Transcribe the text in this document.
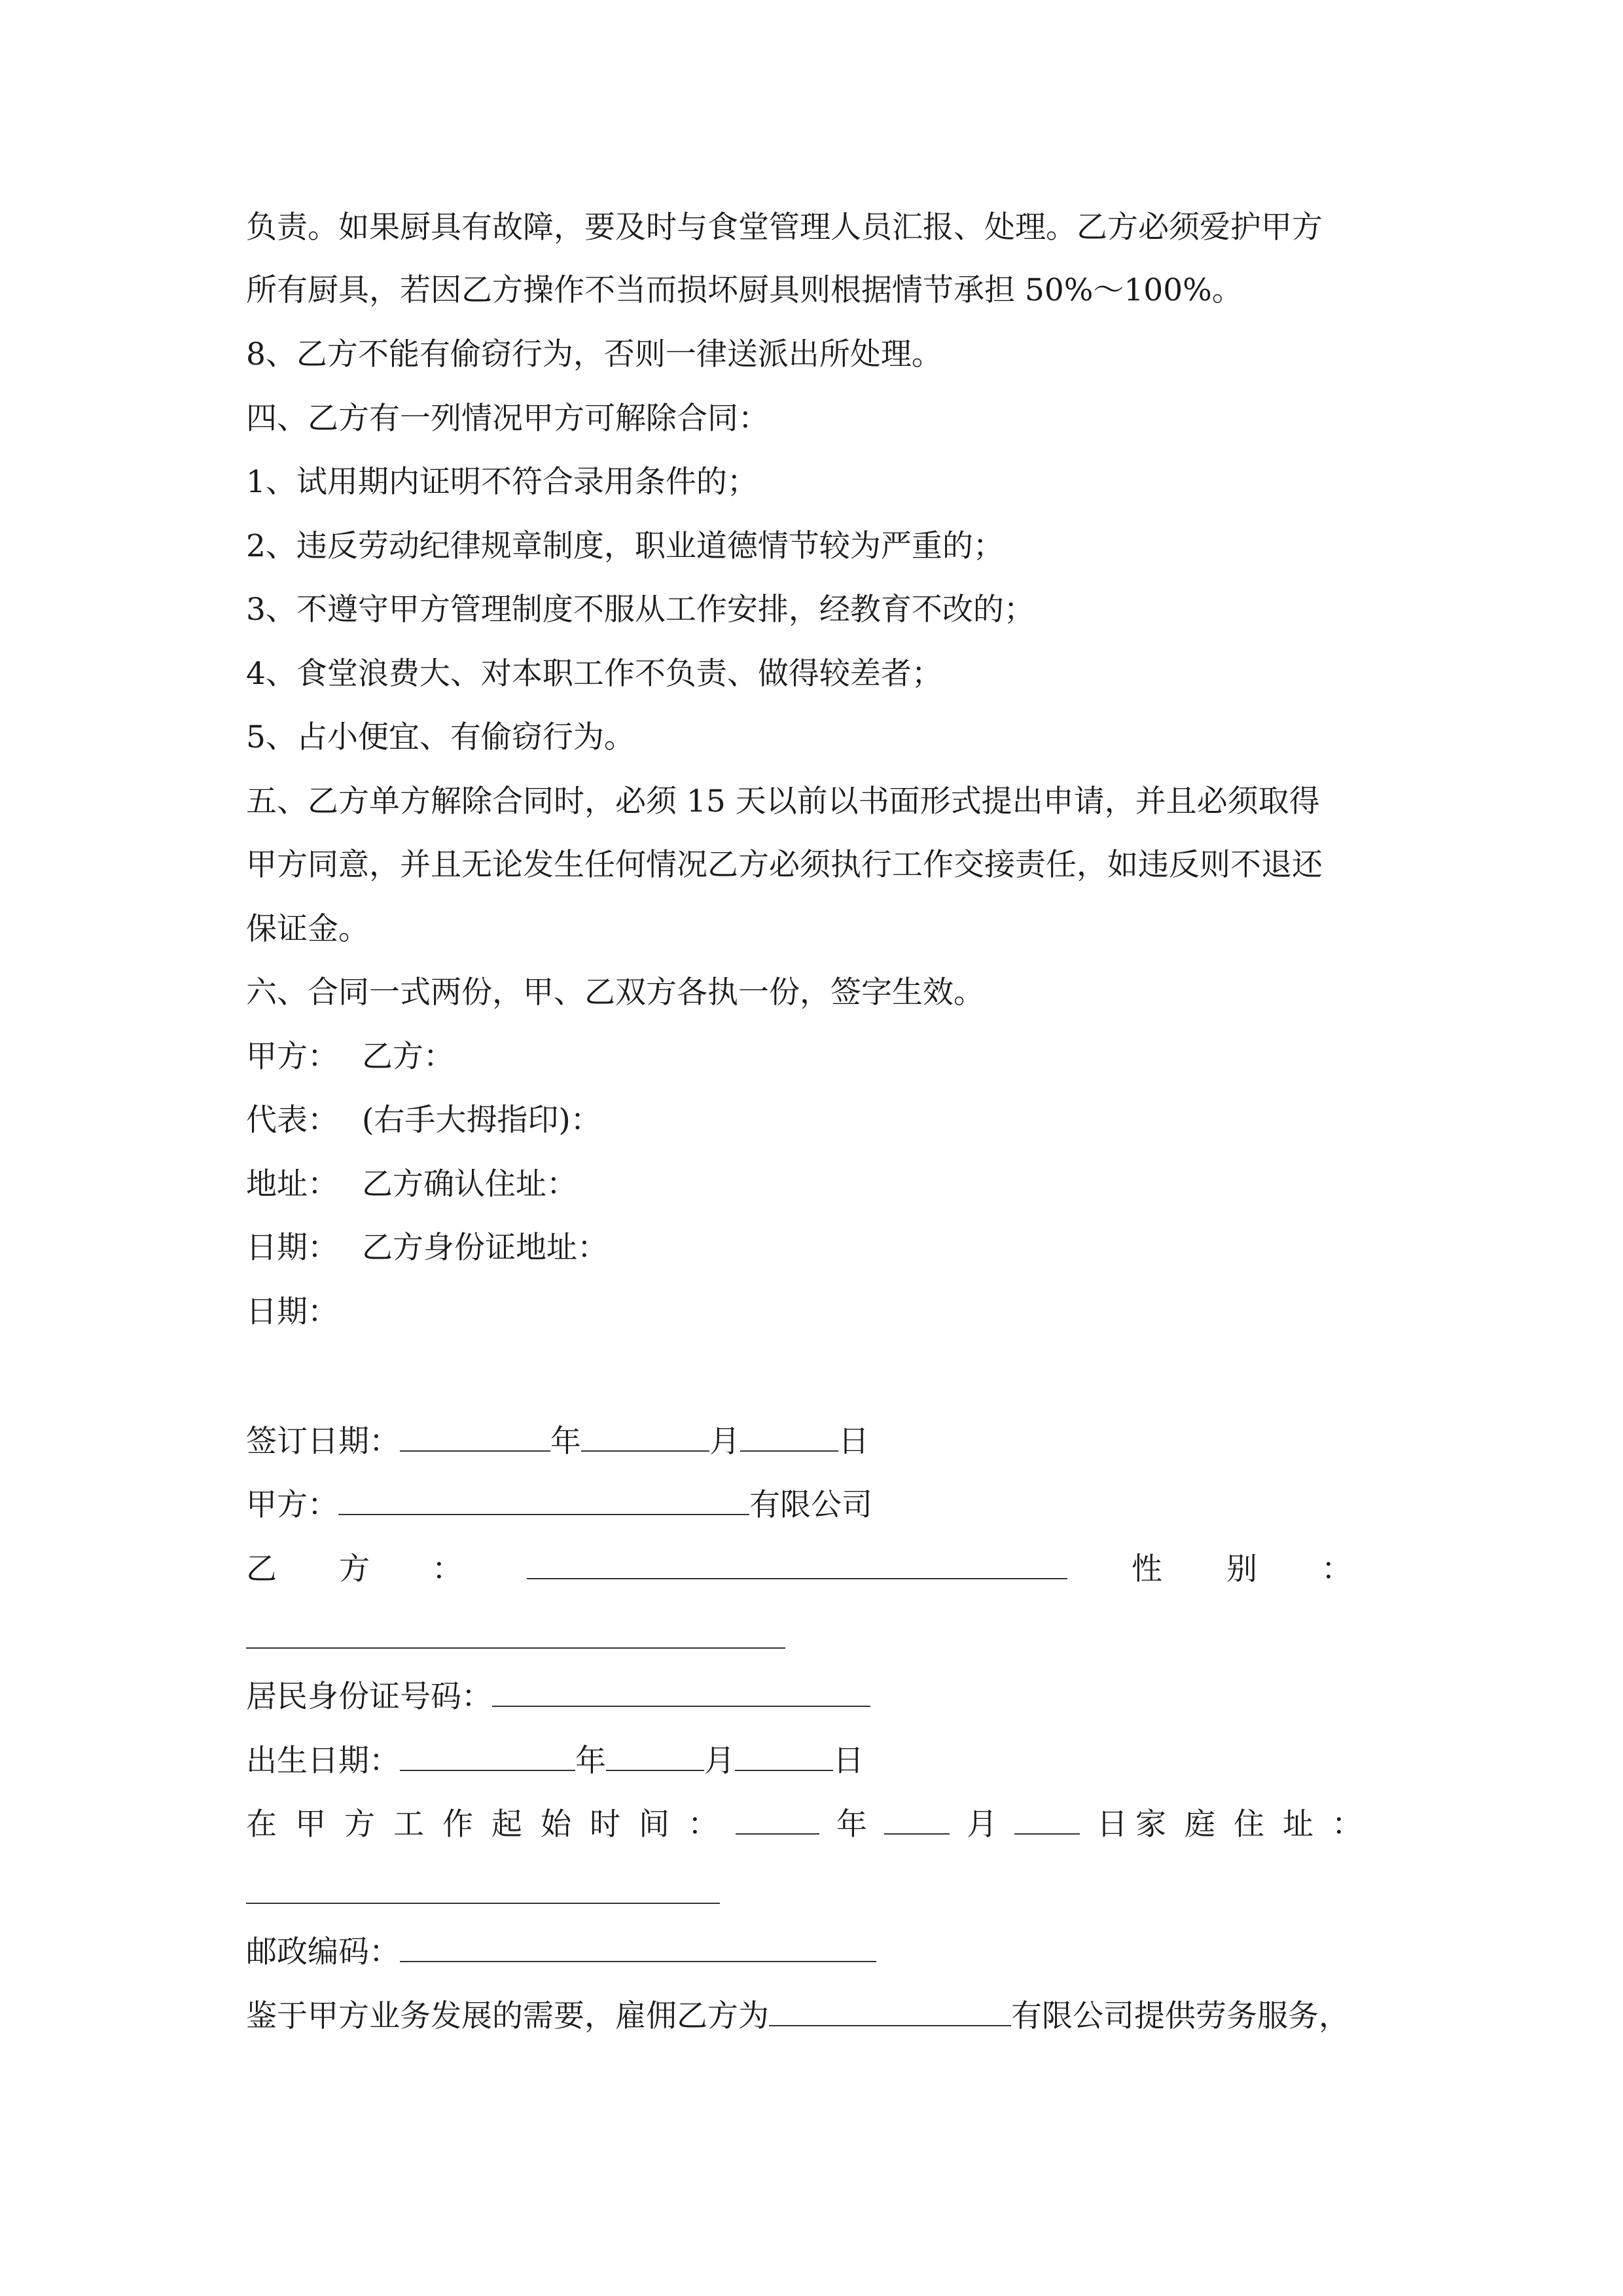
负责。如果厨具有故障，要及时与食堂管理人员汇报、处理。乙方必须爱护甲方
所有厨具，若因乙方操作不当而损坏厨具则根据情节承担 50%～100%。
8、乙方不能有偷窃行为，否则一律送派出所处理。
四、乙方有一列情况甲方可解除合同：
1、试用期内证明不符合录用条件的；
2、违反劳动纪律规章制度，职业道德情节较为严重的；
3、不遵守甲方管理制度不服从工作安排，经教育不改的；
4、食堂浪费大、对本职工作不负责、做得较差者；
5、占小便宜、有偷窃行为。
五、乙方单方解除合同时，必须 15 天以前以书面形式提出申请，并且必须取得
甲方同意，并且无论发生任何情况乙方必须执行工作交接责任，如违反则不退还
保证金。
六、合同一式两份，甲、乙双方各执一份，签字生效。
甲方： 乙方：
代表： (右手大拇指印)：
地址： 乙方确认住址：
日期： 乙方身份证地址：
日期：
签订日期：	年	月	日
甲方：	有限公司
乙 方 ：	性 别 ：
居民身份证号码：
出生日期：	年	月	日
在 甲 方 工 作 起 始 时 间 ：	年	月	日 家 庭 住 址 ：
邮政编码：
鉴于甲方业务发展的需要，雇佣乙方为	有限公司提供劳务服务，
